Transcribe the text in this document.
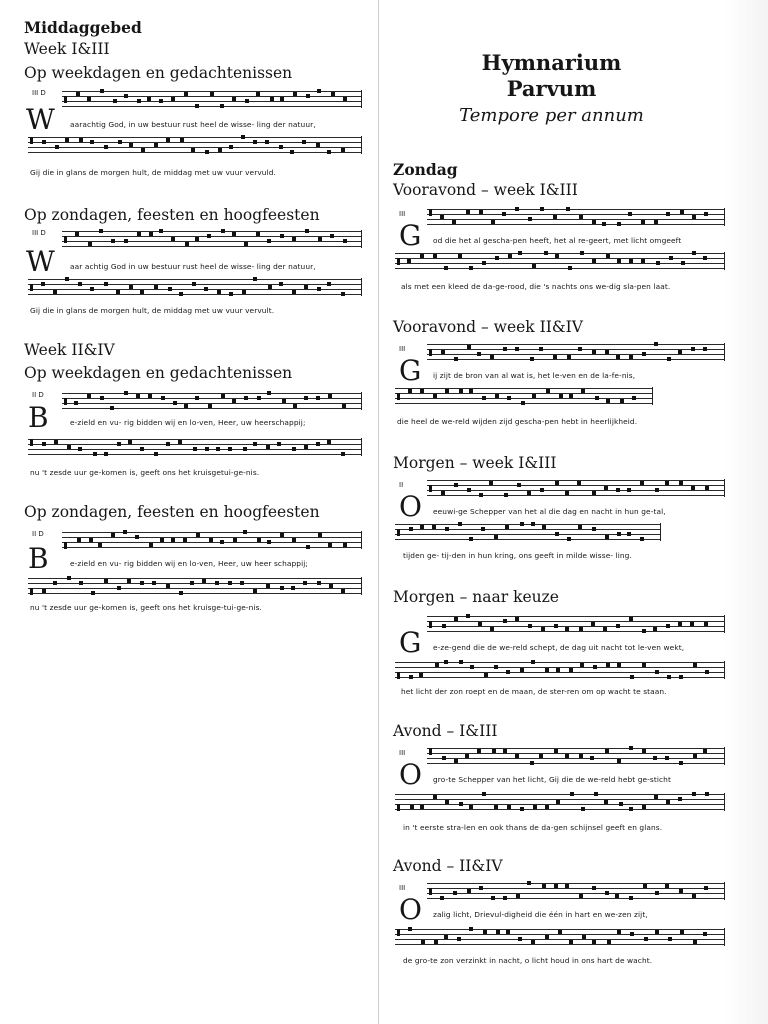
Middaggebed
Week I&III
Op weekdagen en gedachtenissen
III D
W aarachtig God, in uw bestuur rust heel de wisse- ling der natuur,
Gij die in glans de morgen hult, de middag met uw vuur vervuld.
Op zondagen, feesten en hoogfeesten
III D
W aar achtig God in uw bestuur rust heel de wisse- ling der natuur,
Gij die in glans de morgen hult, de middag met uw vuur vervult.
Week II&IV
Op weekdagen en gedachtenissen
II D
B	e-zield en vu- rig bidden wij en lo-ven, Heer, uw heerschappij;
nu 't zesde uur ge-komen is, geeft ons het kruisgetui-ge-nis.
Op zondagen, feesten en hoogfeesten
II D
B	e-zield en vu- rig bidden wij en lo-ven, Heer, uw heer schappij;
nu 't zesde uur ge-komen is, geeft ons het kruisge-tui-ge-nis.
Hymnarium
Parvum
Tempore per annum
Zondag
Vooravond – week I&III
III
G od die het al gescha-pen heeft, het al re-geert, met licht omgeeft
als met een kleed de da-ge-rood, die 's nachts ons we-dig sla-pen laat.
Vooravond – week II&IV
III
G ij zijt de bron van al wat is, het le-ven en de la-fe-nis,
die heel de we-reld wijden zijd gescha-pen hebt in heerlijkheid.
Morgen – week I&III
II
O eeuwi-ge Schepper van het al die dag en nacht in hun ge-tal,
tijden ge- tij-den in hun kring, ons geeft in milde wisse- ling.
Morgen – naar keuze
G e-ze-gend die de we-reld schept, de dag uit nacht tot le-ven wekt,
het licht der zon roept en de maan, de ster-ren om op wacht te staan.
Avond – I&III
III
O gro-te Schepper van het licht, Gij die de we-reld hebt ge-sticht
in 't eerste stra-len en ook thans de da-gen schijnsel geeft en glans.
Avond – II&IV
III
O zalig licht, Drievul-digheid die één in hart en we-zen zijt,
de gro-te zon verzinkt in nacht, o licht houd in ons hart de wacht.
